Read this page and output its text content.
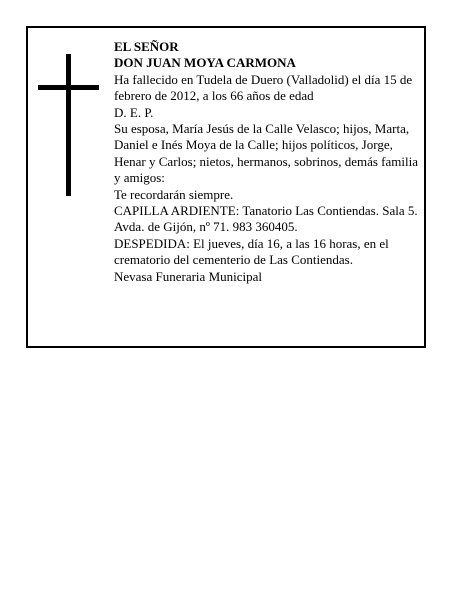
EL SEÑOR

DON JUAN MOYA CARMONA

Ha fallecido en Tudela de Duero (Valladolid) el día 15 de febrero de 2012, a los 66 años de edad

D. E. P.

Su esposa, María Jesús de la Calle Velasco; hijos, Marta, Daniel e Inés Moya de la Calle; hijos políticos, Jorge, Henar y Carlos; nietos, hermanos, sobrinos, demás familia y amigos:

Te recordarán siempre.

CAPILLA ARDIENTE: Tanatorio Las Contiendas. Sala 5. Avda. de Gijón, nº 71. 983 360405.

DESPEDIDA: El jueves, día 16, a las 16 horas, en el crematorio del cementerio de Las Contiendas.

Nevasa Funeraria Municipal
